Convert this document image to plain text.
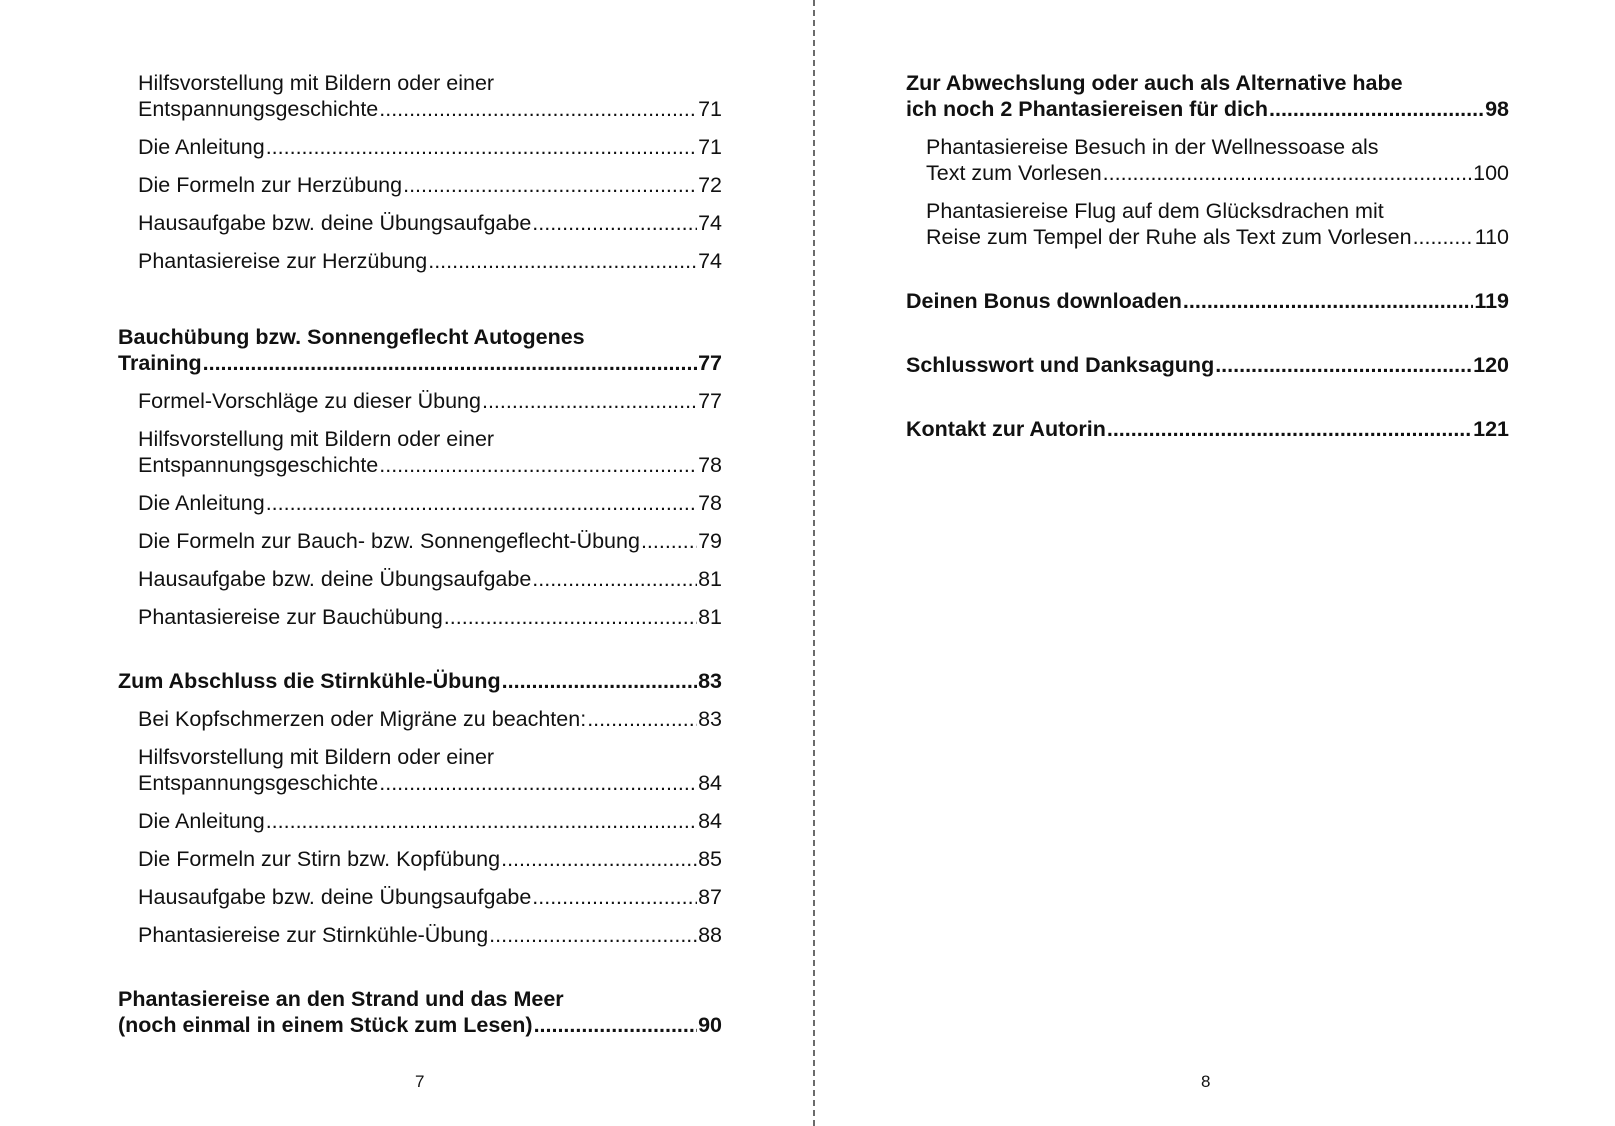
Hilfsvorstellung mit Bildern oder einer
Entspannungsgeschichte .....	71
Die Anleitung .....	71
Die Formeln zur Herzübung .....	72
Hausaufgabe bzw. deine Übungsaufgabe .....	74
Phantasiereise zur Herzübung .....	74
Bauchübung bzw. Sonnengeflecht Autogenes
Training .....	77
Formel-Vorschläge zu dieser Übung .....	77
Hilfsvorstellung mit Bildern oder einer
Entspannungsgeschichte .....	78
Die Anleitung .....	78
Die Formeln zur Bauch- bzw. Sonnengeflecht-Übung .....	79
Hausaufgabe bzw. deine Übungsaufgabe .....	81
Phantasiereise zur Bauchübung .....	81
Zum Abschluss die Stirnkühle-Übung .....	83
Bei Kopfschmerzen oder Migräne zu beachten: .....	83
Hilfsvorstellung mit Bildern oder einer
Entspannungsgeschichte .....	84
Die Anleitung .....	84
Die Formeln zur Stirn bzw. Kopfübung .....	85
Hausaufgabe bzw. deine Übungsaufgabe .....	87
Phantasiereise zur Stirnkühle-Übung .....	88
Phantasiereise an den Strand und das Meer
(noch einmal in einem Stück zum Lesen) .....	90
7
Zur Abwechslung oder auch als Alternative habe
ich noch 2 Phantasiereisen für dich .....	98
Phantasiereise Besuch in der Wellnessoase als
Text zum Vorlesen .....	100
Phantasiereise Flug auf dem Glücksdrachen mit
Reise zum Tempel der Ruhe als Text zum Vorlesen .....	110
Deinen Bonus downloaden .....	119
Schlusswort und Danksagung .....	120
Kontakt zur Autorin .....	121
8
